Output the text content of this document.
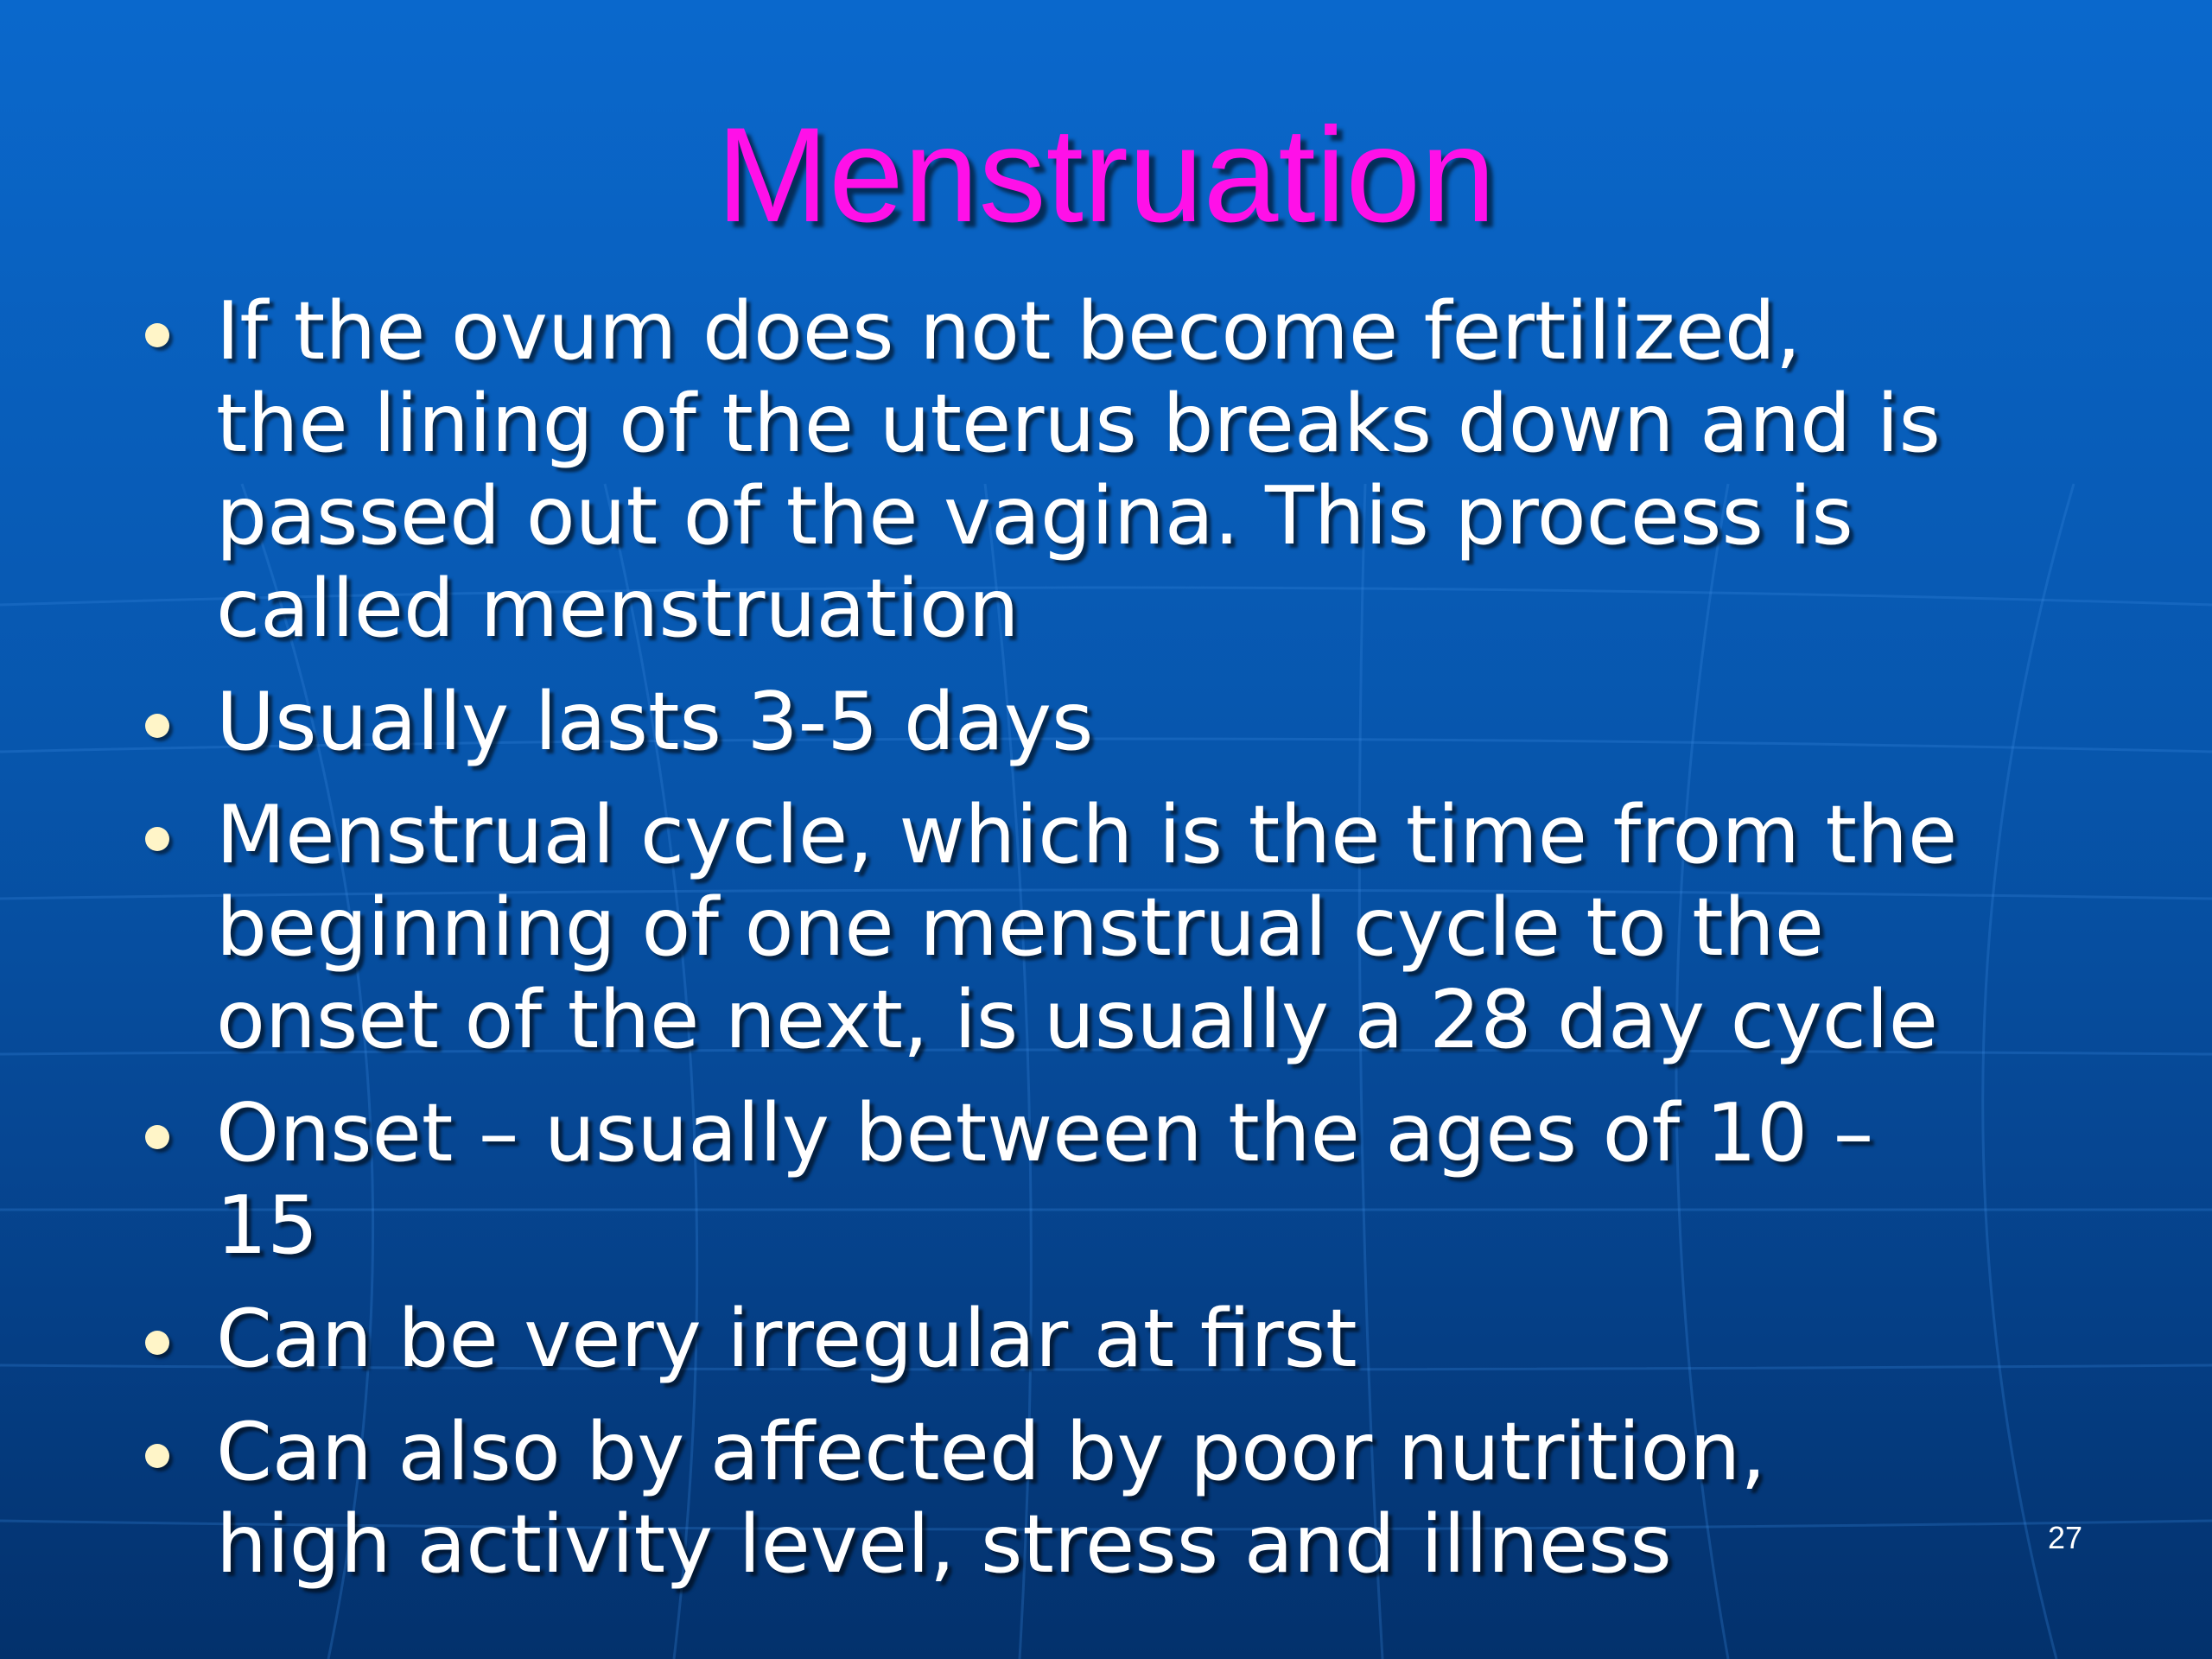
Menstruation
If the ovum does not become fertilized,
the lining of the uterus breaks down and is
passed out of the vagina. This process is
called menstruation
Usually lasts 3-5 days
Menstrual cycle, which is the time from the
beginning of one menstrual cycle to the
onset of the next, is usually a 28 day cycle
Onset – usually between the ages of 10 –
15
Can be very irregular at first
Can also by affected by poor nutrition,
high activity level, stress and illness	27
